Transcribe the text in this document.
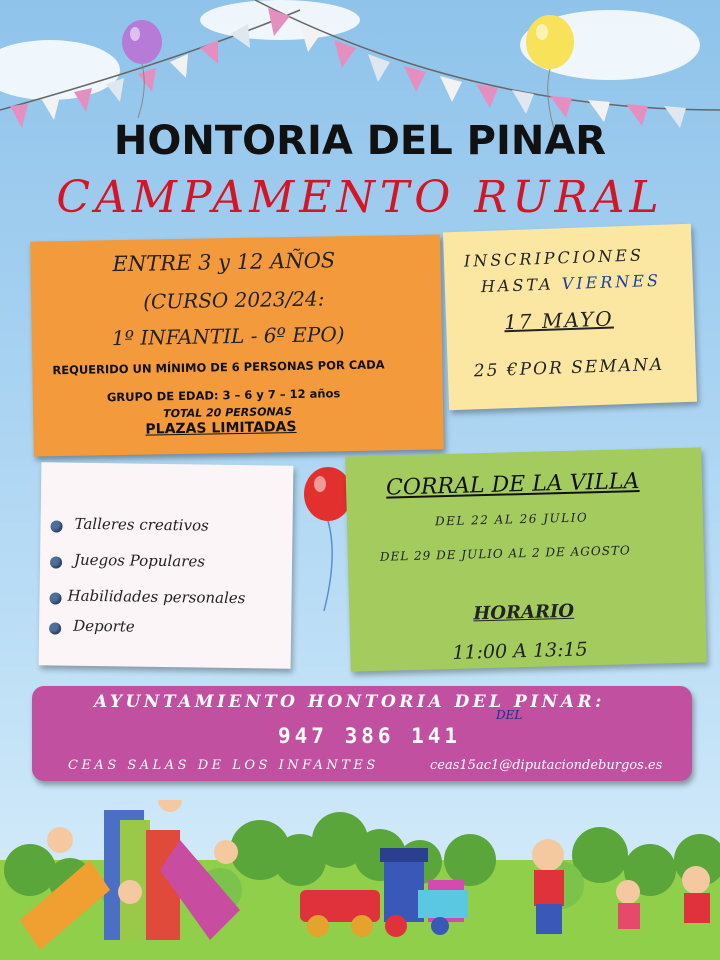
HONTORIA DEL PINAR
CAMPAMENTO RURAL
ENTRE 3 y 12 AÑOS
(CURSO 2023/24:
1º INFANTIL - 6º EPO)
REQUERIDO UN MÍNIMO DE 6 PERSONAS POR CADA
GRUPO DE EDAD: 3 – 6 y 7 – 12 años
TOTAL 20 PERSONAS
PLAZAS LIMITADAS
INSCRIPCIONES
HASTA VIERNES
17 MAYO
25 €POR SEMANA
Talleres creativos
Juegos Populares
Habilidades personales
Deporte
CORRAL DE LA VILLA
DEL 22 AL 26 JULIO
DEL 29 DE JULIO AL 2 DE AGOSTO
HORARIO
11:00 A 13:15
AYUNTAMIENTO HONTORIA DEL PINAR:
DEL
947 386 141
CEAS SALAS DE LOS INFANTES	ceas15ac1@diputaciondeburgos.es
